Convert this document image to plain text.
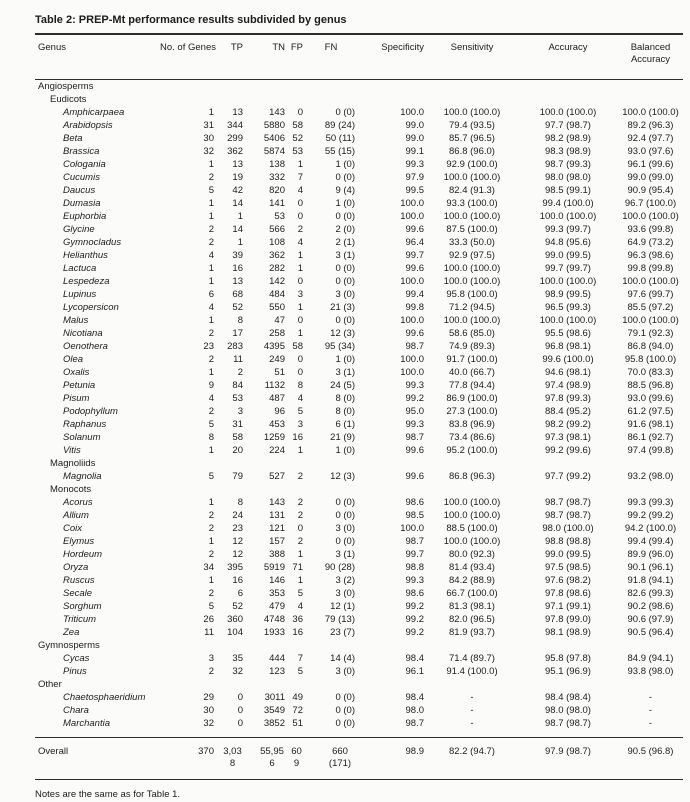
Table 2: PREP-Mt performance results subdivided by genus
Genus	No. of Genes	TP	TN	FP	FN	Specificity	Sensitivity	Accuracy	Balanced Accuracy
Angiosperms									
Eudicots									
Amphicarpaea	1	13	143	0	0 (0)	100.0	100.0 (100.0)	100.0 (100.0)	100.0 (100.0)
Arabidopsis	31	344	5880	58	89 (24)	99.0	79.4 (93.5)	97.7 (98.7)	89.2 (96.3)
Beta	30	299	5406	52	50 (11)	99.0	85.7 (96.5)	98.2 (98.9)	92.4 (97.7)
Brassica	32	362	5874	53	55 (15)	99.1	86.8 (96.0)	98.3 (98.9)	93.0 (97.6)
Cologania	1	13	138	1	1 (0)	99.3	92.9 (100.0)	98.7 (99.3)	96.1 (99.6)
Cucumis	2	19	332	7	0 (0)	97.9	100.0 (100.0)	98.0 (98.0)	99.0 (99.0)
Daucus	5	42	820	4	9 (4)	99.5	82.4 (91.3)	98.5 (99.1)	90.9 (95.4)
Dumasia	1	14	141	0	1 (0)	100.0	93.3 (100.0)	99.4 (100.0)	96.7 (100.0)
Euphorbia	1	1	53	0	0 (0)	100.0	100.0 (100.0)	100.0 (100.0)	100.0 (100.0)
Glycine	2	14	566	2	2 (0)	99.6	87.5 (100.0)	99.3 (99.7)	93.6 (99.8)
Gymnocladus	2	1	108	4	2 (1)	96.4	33.3 (50.0)	94.8 (95.6)	64.9 (73.2)
Helianthus	4	39	362	1	3 (1)	99.7	92.9 (97.5)	99.0 (99.5)	96.3 (98.6)
Lactuca	1	16	282	1	0 (0)	99.6	100.0 (100.0)	99.7 (99.7)	99.8 (99.8)
Lespedeza	1	13	142	0	0 (0)	100.0	100.0 (100.0)	100.0 (100.0)	100.0 (100.0)
Lupinus	6	68	484	3	3 (0)	99.4	95.8 (100.0)	98.9 (99.5)	97.6 (99.7)
Lycopersicon	4	52	550	1	21 (3)	99.8	71.2 (94.5)	96.5 (99.3)	85.5 (97.2)
Malus	1	8	47	0	0 (0)	100.0	100.0 (100.0)	100.0 (100.0)	100.0 (100.0)
Nicotiana	2	17	258	1	12 (3)	99.6	58.6 (85.0)	95.5 (98.6)	79.1 (92.3)
Oenothera	23	283	4395	58	95 (34)	98.7	74.9 (89.3)	96.8 (98.1)	86.8 (94.0)
Olea	2	11	249	0	1 (0)	100.0	91.7 (100.0)	99.6 (100.0)	95.8 (100.0)
Oxalis	1	2	51	0	3 (1)	100.0	40.0 (66.7)	94.6 (98.1)	70.0 (83.3)
Petunia	9	84	1132	8	24 (5)	99.3	77.8 (94.4)	97.4 (98.9)	88.5 (96.8)
Pisum	4	53	487	4	8 (0)	99.2	86.9 (100.0)	97.8 (99.3)	93.0 (99.6)
Podophyllum	2	3	96	5	8 (0)	95.0	27.3 (100.0)	88.4 (95.2)	61.2 (97.5)
Raphanus	5	31	453	3	6 (1)	99.3	83.8 (96.9)	98.2 (99.2)	91.6 (98.1)
Solanum	8	58	1259	16	21 (9)	98.7	73.4 (86.6)	97.3 (98.1)	86.1 (92.7)
Vitis	1	20	224	1	1 (0)	99.6	95.2 (100.0)	99.2 (99.6)	97.4 (99.8)
Magnoliids									
Magnolia	5	79	527	2	12 (3)	99.6	86.8 (96.3)	97.7 (99.2)	93.2 (98.0)
Monocots									
Acorus	1	8	143	2	0 (0)	98.6	100.0 (100.0)	98.7 (98.7)	99.3 (99.3)
Allium	2	24	131	2	0 (0)	98.5	100.0 (100.0)	98.7 (98.7)	99.2 (99.2)
Coix	2	23	121	0	3 (0)	100.0	88.5 (100.0)	98.0 (100.0)	94.2 (100.0)
Elymus	1	12	157	2	0 (0)	98.7	100.0 (100.0)	98.8 (98.8)	99.4 (99.4)
Hordeum	2	12	388	1	3 (1)	99.7	80.0 (92.3)	99.0 (99.5)	89.9 (96.0)
Oryza	34	395	5919	71	90 (28)	98.8	81.4 (93.4)	97.5 (98.5)	90.1 (96.1)
Ruscus	1	16	146	1	3 (2)	99.3	84.2 (88.9)	97.6 (98.2)	91.8 (94.1)
Secale	2	6	353	5	3 (0)	98.6	66.7 (100.0)	97.8 (98.6)	82.6 (99.3)
Sorghum	5	52	479	4	12 (1)	99.2	81.3 (98.1)	97.1 (99.1)	90.2 (98.6)
Triticum	26	360	4748	36	79 (13)	99.2	82.0 (96.5)	97.8 (99.0)	90.6 (97.9)
Zea	11	104	1933	16	23 (7)	99.2	81.9 (93.7)	98.1 (98.9)	90.5 (96.4)
Gymnosperms									
Cycas	3	35	444	7	14 (4)	98.4	71.4 (89.7)	95.8 (97.8)	84.9 (94.1)
Pinus	2	32	123	5	3 (0)	96.1	91.4 (100.0)	95.1 (96.9)	93.8 (98.0)
Other									
Chaetosphaeridium	29	0	3011	49	0 (0)	98.4	-	98.4 (98.4)	-
Chara	30	0	3549	72	0 (0)	98.0	-	98.0 (98.0)	-
Marchantia	32	0	3852	51	0 (0)	98.7	-	98.7 (98.7)	-

Overall	370	3,038	55,956	609	660 (171)	98.9	82.2 (94.7)	97.9 (98.7)	90.5 (96.8)
Notes are the same as for Table 1.
